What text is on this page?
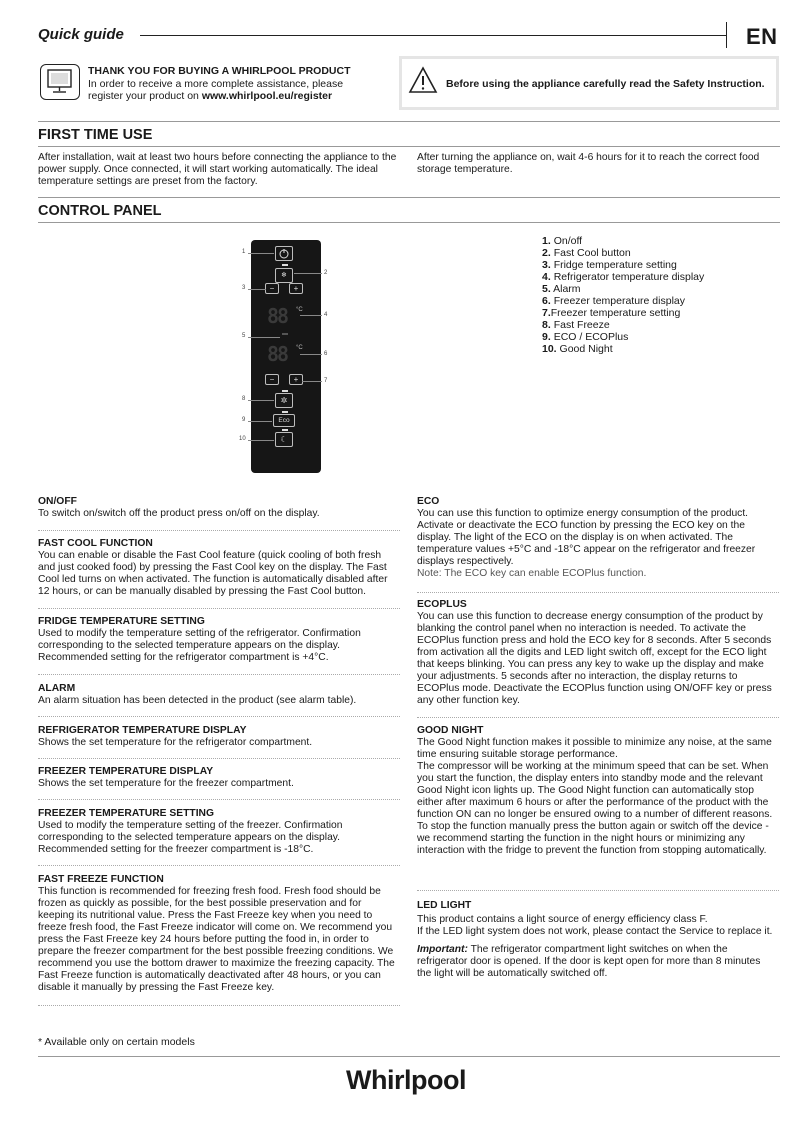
Quick guide	EN
THANK YOU FOR BUYING A WHIRLPOOL PRODUCT
In order to receive a more complete assistance, please
register your product on www.whirlpool.eu/register
Before using the appliance carefully read the Safety Instruction.
FIRST TIME USE
After installation, wait at least two hours before connecting the appliance to the power supply. Once connected, it will start working automatically. The ideal temperature settings are preset from the factory.
After turning the appliance on, wait 4-6 hours for it to reach the correct food storage temperature.
CONTROL PANEL
❄
−	+
88 °C
88 °C
−	+
✲
Eco
☾
1
2
3
4
5
6
7
8
9
10
1. On/off
2. Fast Cool button
3. Fridge temperature setting
4. Refrigerator temperature display
5. Alarm
6. Freezer temperature display
7.Freezer temperature setting
8. Fast Freeze
9. ECO / ECOPlus
10. Good Night
ON/OFF
To switch on/switch off the product press on/off on the display.
FAST COOL FUNCTION
You can enable or disable the Fast Cool feature (quick cooling of both fresh and just cooked food) by pressing the Fast Cool key on the display. The Fast Cool led turns on when activated. The function is automatically disabled after 12 hours, or can be manually disabled by pressing the Fast Cool button.
FRIDGE TEMPERATURE SETTING
Used to modify the temperature setting of the refrigerator. Confirmation corresponding to the selected temperature appears on the display. Recommended setting for the refrigerator compartment is +4°C.
ALARM
An alarm situation has been detected in the product (see alarm table).
REFRIGERATOR TEMPERATURE DISPLAY
Shows the set temperature for the refrigerator compartment.
FREEZER TEMPERATURE DISPLAY
Shows the set temperature for the freezer compartment.
FREEZER TEMPERATURE SETTING
Used to modify the temperature setting of the freezer. Confirmation corresponding to the selected temperature appears on the display. Recommended setting for the freezer compartment is -18°C.
FAST FREEZE FUNCTION
This function is recommended for freezing fresh food. Fresh food should be frozen as quickly as possible, for the best possible preservation and for keeping its nutritional value. Press the Fast Freeze key when you need to freeze fresh food, the Fast Freeze indicator will come on. We recommend you press the Fast Freeze key 24 hours before putting the food in, in order to prepare the freezer compartment for the best possible freezing conditions. We recommend you use the bottom drawer to maximize the freezing capacity. The Fast Freeze function is automatically deactivated after 48 hours, or you can disable it manually by pressing the Fast Freeze key.
ECO
You can use this function to optimize energy consumption of the product. Activate or deactivate the ECO function by pressing the ECO key on the display. The light of the ECO on the display is on when activated. The temperature values +5°C and -18°C appear on the refrigerator and freezer displays respectively.
Note: The ECO key can enable ECOPlus function.
ECOPLUS
You can use this function to decrease energy consumption of the product by blanking the control panel when no interaction is needed. To activate the ECOPlus function press and hold the ECO key for 8 seconds. After 5 seconds from activation all the digits and LED light switch off, except for the ECO light that keeps blinking. You can press any key to wake up the display and make your adjustments. 5 seconds after no interaction, the display returns to ECOPlus mode. Deactivate the ECOPlus function using ON/OFF key or press any other function key.
GOOD NIGHT
The Good Night function makes it possible to minimize any noise, at the same time ensuring suitable storage performance.
The compressor will be working at the minimum speed that can be set. When you start the function, the display enters into standby mode and the relevant Good Night icon lights up. The Good Night function can automatically stop either after maximum 6 hours or after the performance of the product with the function ON can no longer be ensured owing to a number of different reasons.
To stop the function manually press the button again or switch off the device - we recommend starting the function in the night hours or minimizing any interaction with the fridge to prevent the function from stopping automatically.
LED LIGHT
This product contains a light source of energy efficiency class F.
If the LED light system does not work, please contact the Service to replace it.
Important: The refrigerator compartment light switches on when the refrigerator door is opened. If the door is kept open for more than 8 minutes the light will be automatically switched off.
* Available only on certain models
Whirlpool
